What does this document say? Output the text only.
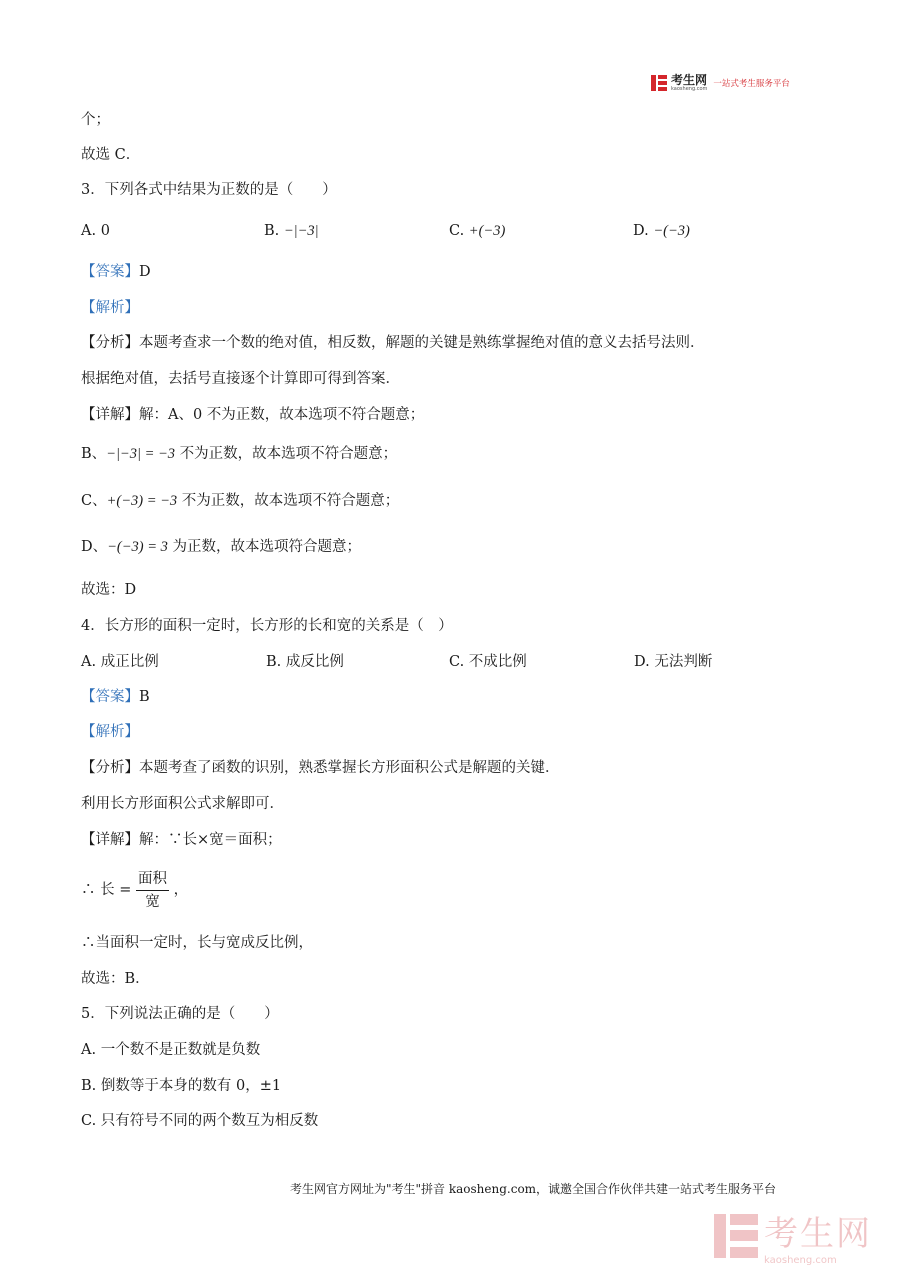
考生网
kaosheng.com 一站式考生服务平台
个；
故选 C．
3．下列各式中结果为正数的是（　　）
A. 0	B. −|−3|	C. +(−3)	D. −(−3)
【答案】D
【解析】
【分析】本题考查求一个数的绝对值，相反数，解题的关键是熟练掌握绝对值的意义去括号法则．
根据绝对值，去括号直接逐个计算即可得到答案．
【详解】解：A、0 不为正数，故本选项不符合题意；
B、−|−3| = −3 不为正数，故本选项不符合题意；
C、+(−3) = −3 不为正数，故本选项不符合题意；
D、−(−3) = 3 为正数，故本选项符合题意；
故选：D
4．长方形的面积一定时，长方形的长和宽的关系是（　）
A. 成正比例	B. 成反比例	C. 不成比例	D. 无法判断
【答案】B
【解析】
【分析】本题考查了函数的识别，熟悉掌握长方形面积公式是解题的关键．
利用长方形面积公式求解即可．
【详解】解：∵长×宽＝面积；
∴ 长 = $\frac{\text{面积}}{\text{宽}}$ ，
∴当面积一定时，长与宽成反比例，
故选：B．
5．下列说法正确的是（　　）
A. 一个数不是正数就是负数
B. 倒数等于本身的数有 0，±1
C. 只有符号不同的两个数互为相反数
考生网官方网址为"考生"拼音 kaosheng.com，诚邀全国合作伙伴共建一站式考生服务平台
考生网
kaosheng.com
